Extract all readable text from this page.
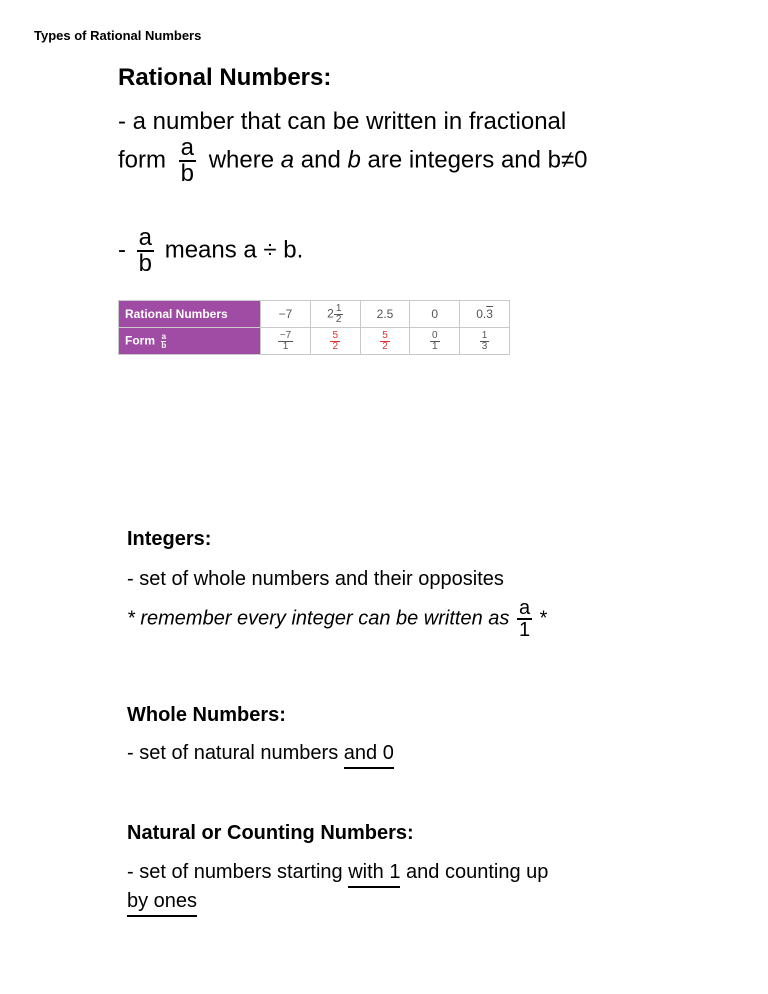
Types of Rational Numbers
Rational Numbers:
- a number that can be written in fractional
form $\frac{a}{b}$ where a and b are integers and b≠0
- $\frac{a}{b}$ means a ÷ b.
Rational Numbers	−7	$2 \frac{1}{2}$	2.5	0	0.3
Form $\frac{a}{b}$	$\frac{-7}{1}$	$\frac{5}{2}$	$\frac{5}{2}$	$\frac{0}{1}$	$\frac{1}{3}$
Integers:
- set of whole numbers and their opposites
* remember every integer can be written as $\frac{a}{1}$ *
Whole Numbers:
- set of natural numbers and 0
Natural or Counting Numbers:
- set of numbers starting with 1 and counting up
by ones
